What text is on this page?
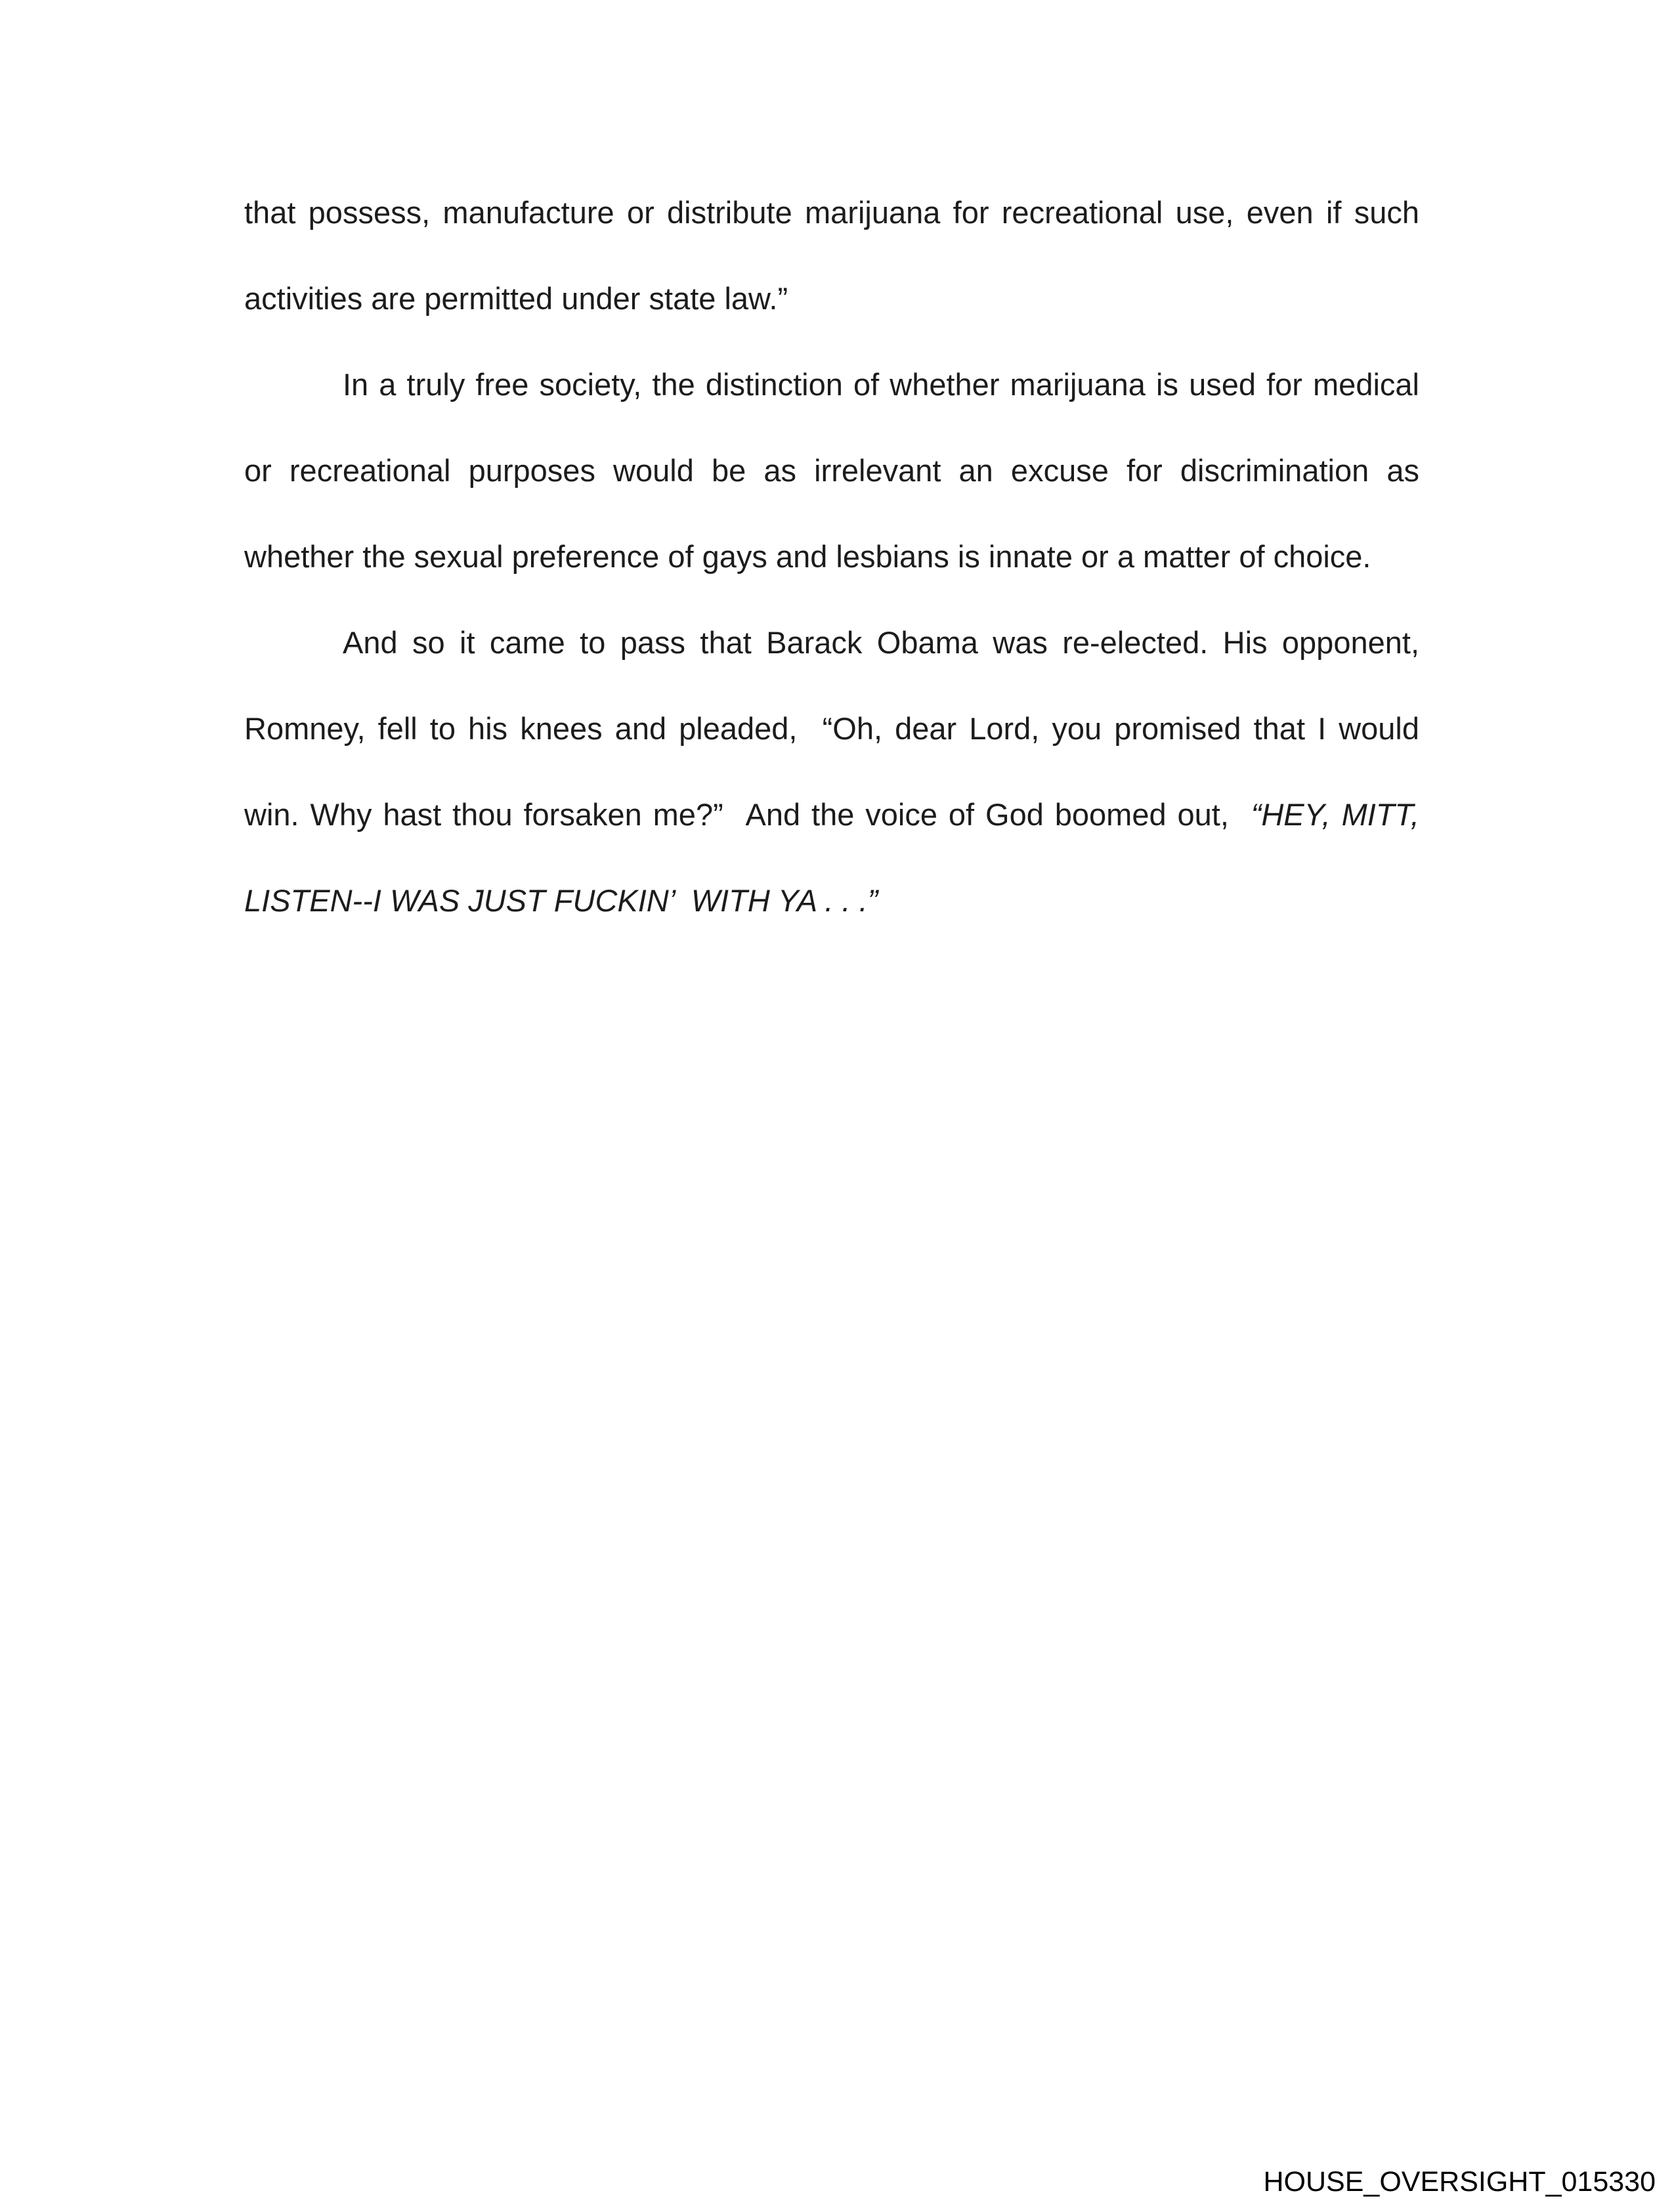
that possess, manufacture or distribute marijuana for recreational use, even if such activities are permitted under state law.”

In a truly free society, the distinction of whether marijuana is used for medical or recreational purposes would be as irrelevant an excuse for discrimination as whether the sexual preference of gays and lesbians is innate or a matter of choice.

And so it came to pass that Barack Obama was re-elected. His opponent, Romney, fell to his knees and pleaded,  “Oh, dear Lord, you promised that I would win. Why hast thou forsaken me?”  And the voice of God boomed out,  “HEY, MITT, LISTEN--I WAS JUST FUCKIN’  WITH YA . . .”

HOUSE_OVERSIGHT_015330
